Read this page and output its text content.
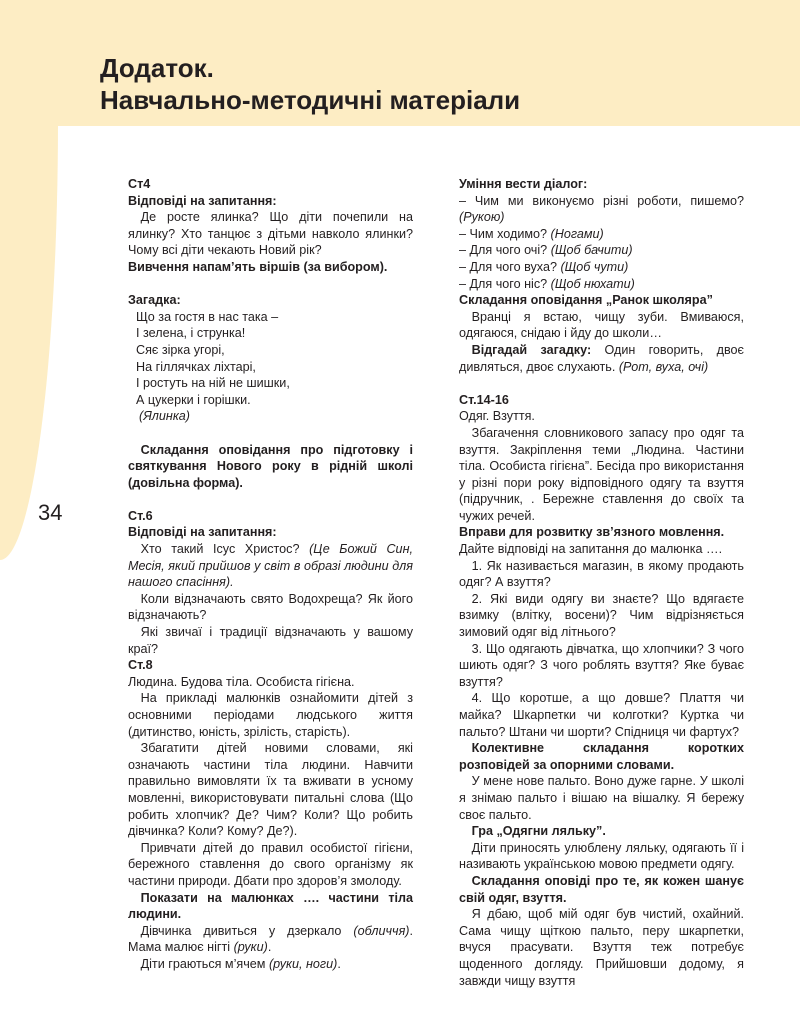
Додаток.
Навчально-методичні матеріали
34

Ст4

Відповіді на запитання:

Де росте ялинка? Що діти почепили на ялинку? Хто танцює з дітьми навколо ялинки? Чому всі діти чекають Новий рік?

Вивчення напам’ять віршів (за вибором).

Загадка:

Що за гостя в нас така –

І зелена, і струнка!

Сяє зірка угорі,

На гіллячках ліхтарі,

І ростуть на ній не шишки,

А цукерки і горішки.

(Ялинка)

Складання оповідання про підготовку і святкування Нового року в рідній школі (довільна форма).

Ст.6

Відповіді на запитання:

Хто такий Ісус Христос? (Це Божий Син, Месія, який прийшов у світ в образі людини для нашого спасіння).

Коли відзначають свято Водохреща? Як його відзначають?

Які звичаї і традиції відзначають у вашому краї?

Ст.8

Людина. Будова тіла. Особиста гігієна.

На прикладі малюнків ознайомити дітей з основними періодами людського життя (дитинство, юність, зрілість, старість).

Збагатити дітей новими словами, які означають частини тіла людини. Навчити правильно вимовляти їх та вживати в усному мовленні, використовувати питальні слова (Що робить хлопчик? Де? Чим? Коли? Що робить дівчинка? Коли? Кому? Де?).

Привчати дітей до правил особистої гігієни, бережного ставлення до свого організму як частини природи. Дбати про здоров’я змолоду.

Показати на малюнках …. частини тіла людини.

Дівчинка дивиться у дзеркало (обличчя). Мама малює нігті (руки).

Діти граються м’ячем (руки, ноги).

Уміння вести діалог:

– Чим ми виконуємо різні роботи, пишемо? (Рукою)

– Чим ходимо? (Ногами)

– Для чого очі? (Щоб бачити)

– Для чого вуха? (Щоб чути)

– Для чого ніс? (Щоб нюхати)

Складання оповідання „Ранок школяра”

Вранці я встаю, чищу зуби. Вмиваюся, одягаюся, снідаю і йду до школи…

Відгадай загадку: Один говорить, двоє дивляться, двоє слухають. (Рот, вуха, очі)

Ст.14-16

Одяг. Взуття.

Збагачення словникового запасу про одяг та взуття. Закріплення теми „Людина. Частини тіла. Особиста гігієна”. Бесіда про використання у різні пори року відповідного одягу та взуття (підручник, . Бережне ставлення до своїх та чужих речей.

Вправи для розвитку зв’язного мовлення.

Дайте відповіді на запитання до малюнка ….

1. Як називається магазин, в якому продають одяг? А взуття?

2. Які види одягу ви знаєте? Що вдягаєте взимку (влітку, восени)? Чим відрізняється зимовий одяг від літнього?

3. Що одягають дівчатка, що хлопчики? З чого шиють одяг? З чого роблять взуття? Яке буває взуття?

4. Що коротше, а що довше? Плаття чи майка? Шкарпетки чи колготки? Куртка чи пальто? Штани чи шорти? Спідниця чи фартух?

Колективне складання коротких розповідей за опорними словами.

У мене нове пальто. Воно дуже гарне. У школі я знімаю пальто і вішаю на вішалку. Я бережу своє пальто.

Гра „Одягни ляльку”.

Діти приносять улюблену ляльку, одягають її і називають українською мовою предмети одягу.

Складання оповіді про те, як кожен шанує свій одяг, взуття.

Я дбаю, щоб мій одяг був чистий, охайний. Сама чищу щіткою пальто, перу шкарпетки, вчуся прасувати. Взуття теж потребує щоденного догляду. Прийшовши додому, я завжди чищу взуття
